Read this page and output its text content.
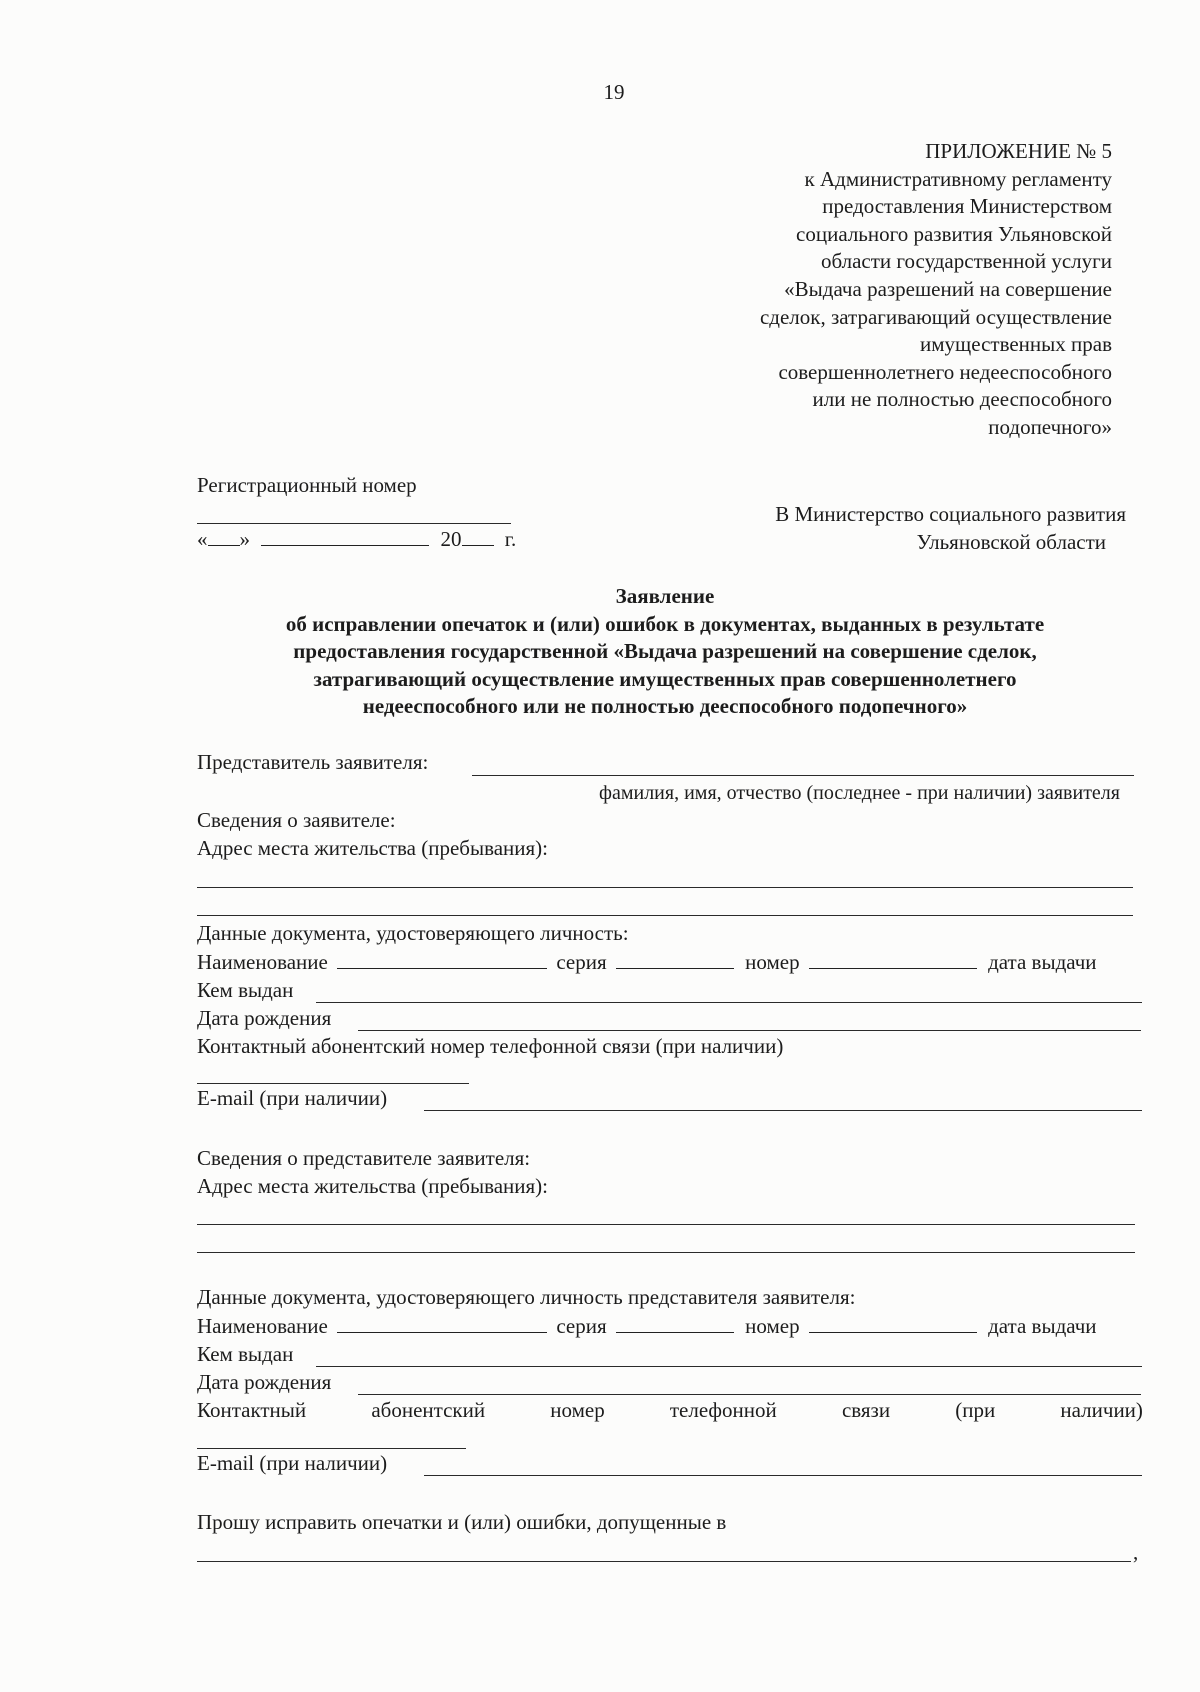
19
ПРИЛОЖЕНИЕ № 5
к Административному регламенту
предоставления Министерством
социального развития Ульяновской
области государственной услуги
«Выдача разрешений на совершение
сделок, затрагивающий осуществление
имущественных прав
совершеннолетнего недееспособного
или не полностью дееспособного
подопечного»
Регистрационный номер
« »	20 г.
В Министерство социального развития
Ульяновской области
Заявление
об исправлении опечаток и (или) ошибок в документах, выданных в результате
предоставления государственной «Выдача разрешений на совершение сделок,
затрагивающий осуществление имущественных прав совершеннолетнего
недееспособного или не полностью дееспособного подопечного»
Представитель заявителя:
фамилия, имя, отчество (последнее - при наличии) заявителя
Сведения о заявителе:
Адрес места жительства (пребывания):
Данные документа, удостоверяющего личность:
Наименование	серия	номер	дата выдачи
Кем выдан
Дата рождения
Контактный абонентский номер телефонной связи (при наличии)
E-mail (при наличии)
Сведения о представителе заявителя:
Адрес места жительства (пребывания):
Данные документа, удостоверяющего личность представителя заявителя:
Наименование	серия	номер	дата выдачи
Кем выдан
Дата рождения
Контактный	абонентский	номер	телефонной	связи	(при	наличии)
E-mail (при наличии)
Прошу исправить опечатки и (или) ошибки, допущенные в
,
